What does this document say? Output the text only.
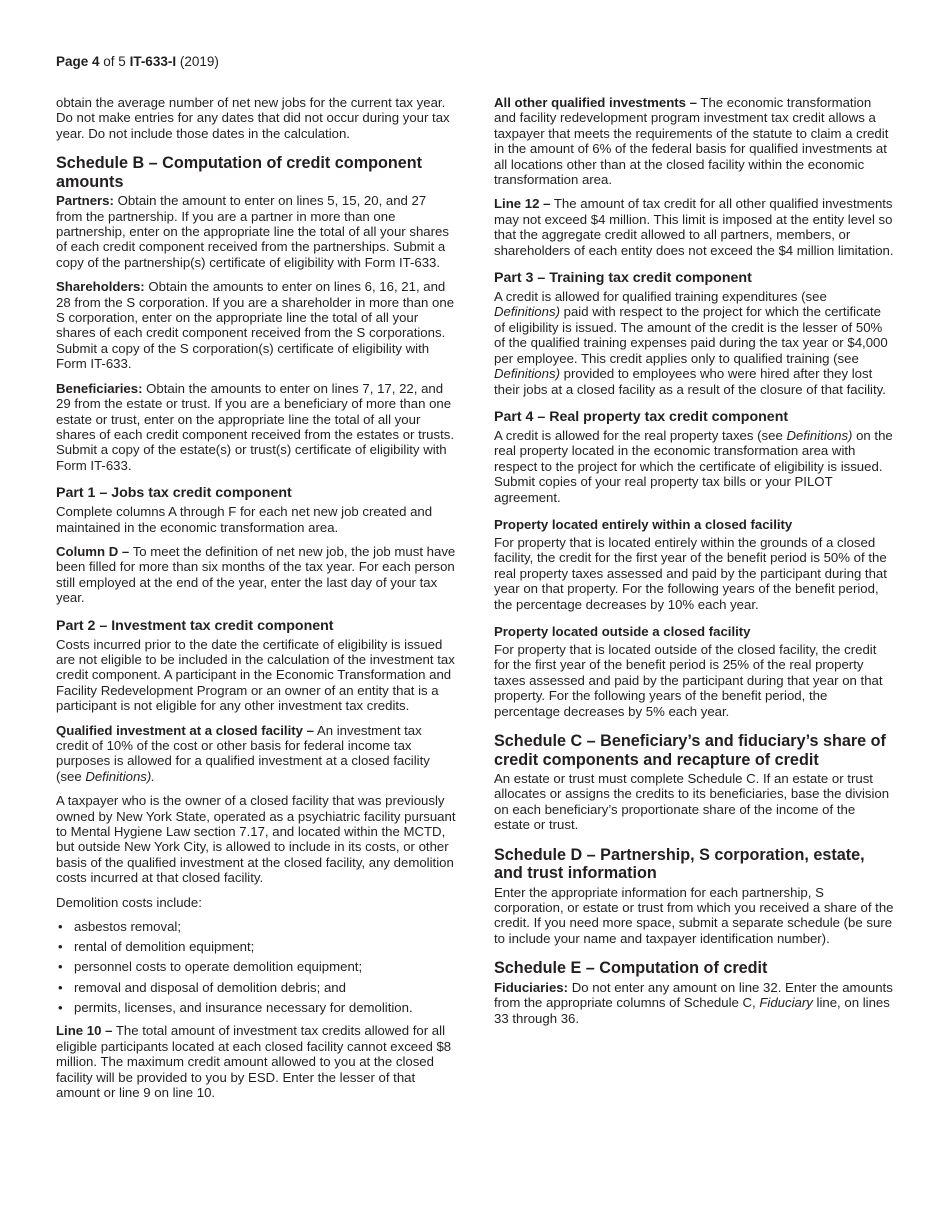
Page 4 of 5 IT-633-I (2019)

obtain the average number of net new jobs for the current tax year. Do not make entries for any dates that did not occur during your tax year. Do not include those dates in the calculation.

Schedule B – Computation of credit component amounts

Partners: Obtain the amount to enter on lines 5, 15, 20, and 27 from the partnership. If you are a partner in more than one partnership, enter on the appropriate line the total of all your shares of each credit component received from the partnerships. Submit a copy of the partnership(s) certificate of eligibility with Form IT-633.

Shareholders: Obtain the amounts to enter on lines 6, 16, 21, and 28 from the S corporation. If you are a shareholder in more than one S corporation, enter on the appropriate line the total of all your shares of each credit component received from the S corporations. Submit a copy of the S corporation(s) certificate of eligibility with Form IT-633.

Beneficiaries: Obtain the amounts to enter on lines 7, 17, 22, and 29 from the estate or trust. If you are a beneficiary of more than one estate or trust, enter on the appropriate line the total of all your shares of each credit component received from the estates or trusts. Submit a copy of the estate(s) or trust(s) certificate of eligibility with Form IT-633.

Part 1 – Jobs tax credit component

Complete columns A through F for each net new job created and maintained in the economic transformation area.

Column D – To meet the definition of net new job, the job must have been filled for more than six months of the tax year. For each person still employed at the end of the year, enter the last day of your tax year.

Part 2 – Investment tax credit component

Costs incurred prior to the date the certificate of eligibility is issued are not eligible to be included in the calculation of the investment tax credit component. A participant in the Economic Transformation and Facility Redevelopment Program or an owner of an entity that is a participant is not eligible for any other investment tax credits.

Qualified investment at a closed facility – An investment tax credit of 10% of the cost or other basis for federal income tax purposes is allowed for a qualified investment at a closed facility (see Definitions).

A taxpayer who is the owner of a closed facility that was previously owned by New York State, operated as a psychiatric facility pursuant to Mental Hygiene Law section 7.17, and located within the MCTD, but outside New York City, is allowed to include in its costs, or other basis of the qualified investment at the closed facility, any demolition costs incurred at that closed facility.

Demolition costs include:

• asbestos removal;
• rental of demolition equipment;
• personnel costs to operate demolition equipment;
• removal and disposal of demolition debris; and
• permits, licenses, and insurance necessary for demolition.

Line 10 – The total amount of investment tax credits allowed for all eligible participants located at each closed facility cannot exceed $8 million. The maximum credit amount allowed to you at the closed facility will be provided to you by ESD. Enter the lesser of that amount or line 9 on line 10.

All other qualified investments – The economic transformation and facility redevelopment program investment tax credit allows a taxpayer that meets the requirements of the statute to claim a credit in the amount of 6% of the federal basis for qualified investments at all locations other than at the closed facility within the economic transformation area.

Line 12 – The amount of tax credit for all other qualified investments may not exceed $4 million. This limit is imposed at the entity level so that the aggregate credit allowed to all partners, members, or shareholders of each entity does not exceed the $4 million limitation.

Part 3 – Training tax credit component

A credit is allowed for qualified training expenditures (see Definitions) paid with respect to the project for which the certificate of eligibility is issued. The amount of the credit is the lesser of 50% of the qualified training expenses paid during the tax year or $4,000 per employee. This credit applies only to qualified training (see Definitions) provided to employees who were hired after they lost their jobs at a closed facility as a result of the closure of that facility.

Part 4 – Real property tax credit component

A credit is allowed for the real property taxes (see Definitions) on the real property located in the economic transformation area with respect to the project for which the certificate of eligibility is issued. Submit copies of your real property tax bills or your PILOT agreement.

Property located entirely within a closed facility

For property that is located entirely within the grounds of a closed facility, the credit for the first year of the benefit period is 50% of the real property taxes assessed and paid by the participant during that year on that property. For the following years of the benefit period, the percentage decreases by 10% each year.

Property located outside a closed facility

For property that is located outside of the closed facility, the credit for the first year of the benefit period is 25% of the real property taxes assessed and paid by the participant during that year on that property. For the following years of the benefit period, the percentage decreases by 5% each year.

Schedule C – Beneficiary’s and fiduciary’s share of credit components and recapture of credit

An estate or trust must complete Schedule C. If an estate or trust allocates or assigns the credits to its beneficiaries, base the division on each beneficiary’s proportionate share of the income of the estate or trust.

Schedule D – Partnership, S corporation, estate, and trust information

Enter the appropriate information for each partnership, S corporation, or estate or trust from which you received a share of the credit. If you need more space, submit a separate schedule (be sure to include your name and taxpayer identification number).

Schedule E – Computation of credit

Fiduciaries: Do not enter any amount on line 32. Enter the amounts from the appropriate columns of Schedule C, Fiduciary line, on lines 33 through 36.
